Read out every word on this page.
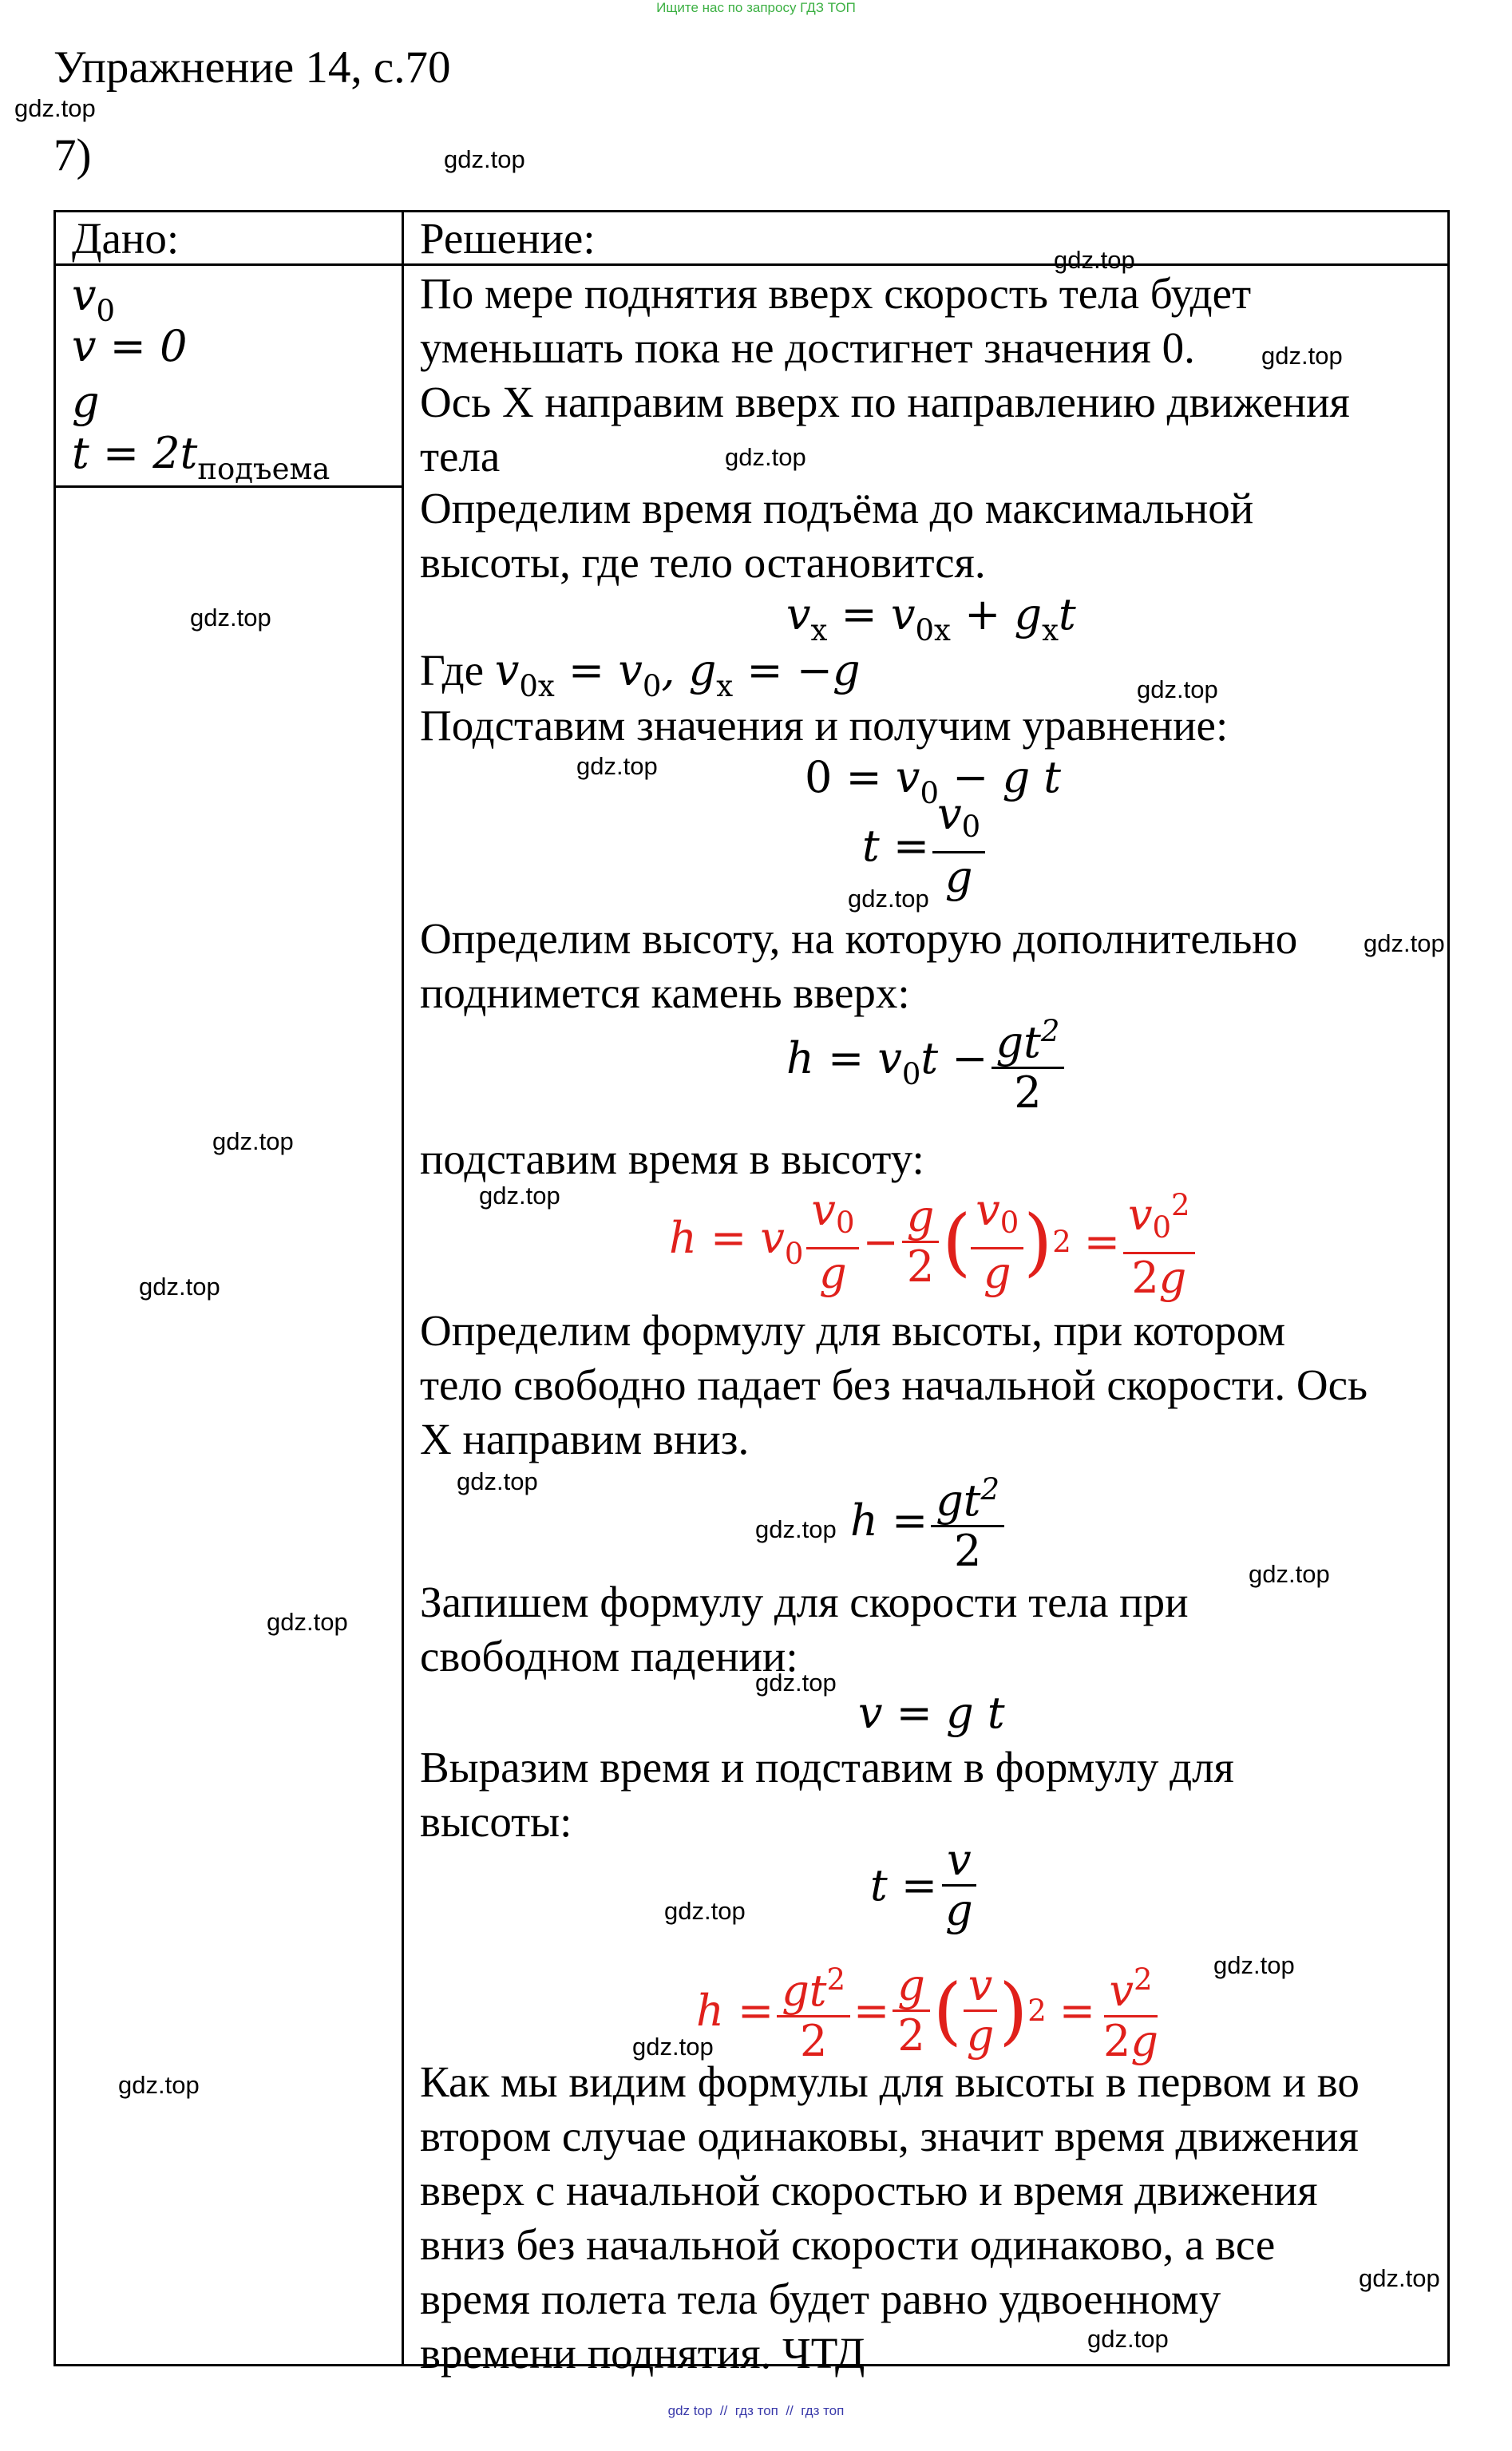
Ищите нас по запросу ГДЗ ТОП
Упражнение 14, с.70
7)
Дано:	Решение:
$v_0$
v = 0
g
$t = 2t_{подъема}$
По мере поднятия вверх скорость тела будет
уменьшать пока не достигнет значения 0.
Ось X направим вверх по направлению движения
тела
Определим время подъёма до максимальной
высоты, где тело остановится.
$v_x = v_{0x} + g_xt$
Где $v_{0x} = v_0$, $g_x = -g$
Подставим значения и получим уравнение:
$0 = v_0 - g$ t
$t = \frac{v_0}{g}$
Определим высоту, на которую дополнительно
поднимется камень вверх:
$h = v_0t - \frac{gt^2}{2}$
подставим время в высоту:
$h = v_0 \frac{v_0}{g} - \frac{g}{2}$ ( $\frac{v_0}{g}$ ) $2 = \frac{v_0^2}{2g}$
Определим формулу для высоты, при котором
тело свободно падает без начальной скорости. Ось
X направим вниз.
$h = \frac{gt^2}{2}$
Запишем формулу для скорости тела при
свободном падении:
v = g t
Выразим время и подставим в формулу для
высоты:
$t = \frac{v}{g}$
$h = \frac{gt^2}{2} = \frac{g}{2}$ ( $\frac{v}{g}$ ) $2 = \frac{v^2}{2g}$
Как мы видим формулы для высоты в первом и во
втором случае одинаковы, значит время движения
вверх с начальной скоростью и время движения
вниз без начальной скорости одинаково, а все
время полета тела будет равно удвоенному
времени поднятия. ЧТД
gdz.top
gdz.top
gdz.top
gdz.top
gdz.top
gdz.top
gdz.top
gdz.top
gdz.top
gdz.top
gdz.top
gdz.top
gdz.top
gdz.top
gdz.top
gdz.top
gdz.top
gdz.top
gdz.top
gdz.top
gdz.top
gdz.top
gdz.top
gdz.top
gdz top  //  гдз топ  //  гдз топ
